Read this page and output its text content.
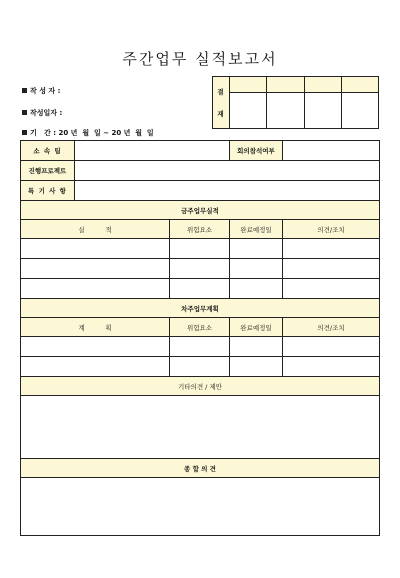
주간업무 실적보고서
작 성 자 :
작성일자 :
기   간 : 20 년  월  일 ~ 20 년  월  일
결
재				

소 속 팀			회의참석여부	
진행프로젝트				
특 기 사 항				
금주업무실적				
실          적		위험요소	완료예정일	의견/조치

차주업무계획				
계          획		위험요소	완료예정일	의견/조치

기타의견 / 제안				

종 합 의 견				
